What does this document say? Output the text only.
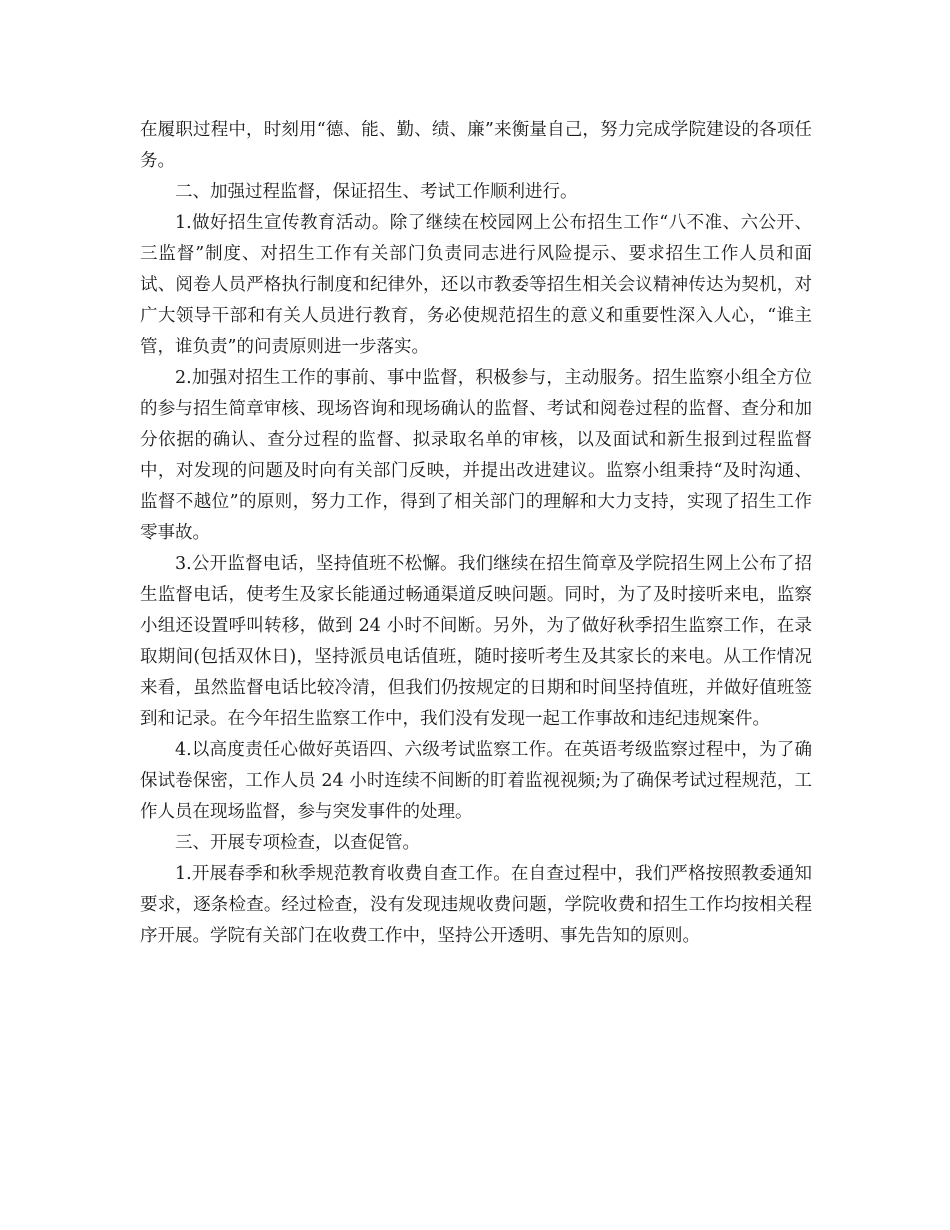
在履职过程中，时刻用“德、能、勤、绩、廉”来衡量自己，努力完成学院建设的各项任务。

二、加强过程监督，保证招生、考试工作顺利进行。

1.做好招生宣传教育活动。除了继续在校园网上公布招生工作“八不准、六公开、三监督”制度、对招生工作有关部门负责同志进行风险提示、要求招生工作人员和面试、阅卷人员严格执行制度和纪律外，还以市教委等招生相关会议精神传达为契机，对广大领导干部和有关人员进行教育，务必使规范招生的意义和重要性深入人心，“谁主管，谁负责”的问责原则进一步落实。

2.加强对招生工作的事前、事中监督，积极参与，主动服务。招生监察小组全方位的参与招生简章审核、现场咨询和现场确认的监督、考试和阅卷过程的监督、查分和加分依据的确认、查分过程的监督、拟录取名单的审核，以及面试和新生报到过程监督中，对发现的问题及时向有关部门反映，并提出改进建议。监察小组秉持“及时沟通、监督不越位”的原则，努力工作，得到了相关部门的理解和大力支持，实现了招生工作零事故。

3.公开监督电话，坚持值班不松懈。我们继续在招生简章及学院招生网上公布了招生监督电话，使考生及家长能通过畅通渠道反映问题。同时，为了及时接听来电，监察小组还设置呼叫转移，做到 24 小时不间断。另外，为了做好秋季招生监察工作，在录取期间(包括双休日)，坚持派员电话值班，随时接听考生及其家长的来电。从工作情况来看，虽然监督电话比较冷清，但我们仍按规定的日期和时间坚持值班，并做好值班签到和记录。在今年招生监察工作中，我们没有发现一起工作事故和违纪违规案件。

4.以高度责任心做好英语四、六级考试监察工作。在英语考级监察过程中，为了确保试卷保密，工作人员 24 小时连续不间断的盯着监视视频;为了确保考试过程规范，工作人员在现场监督，参与突发事件的处理。

三、开展专项检查，以查促管。

1.开展春季和秋季规范教育收费自查工作。在自查过程中，我们严格按照教委通知要求，逐条检查。经过检查，没有发现违规收费问题，学院收费和招生工作均按相关程序开展。学院有关部门在收费工作中，坚持公开透明、事先告知的原则。
